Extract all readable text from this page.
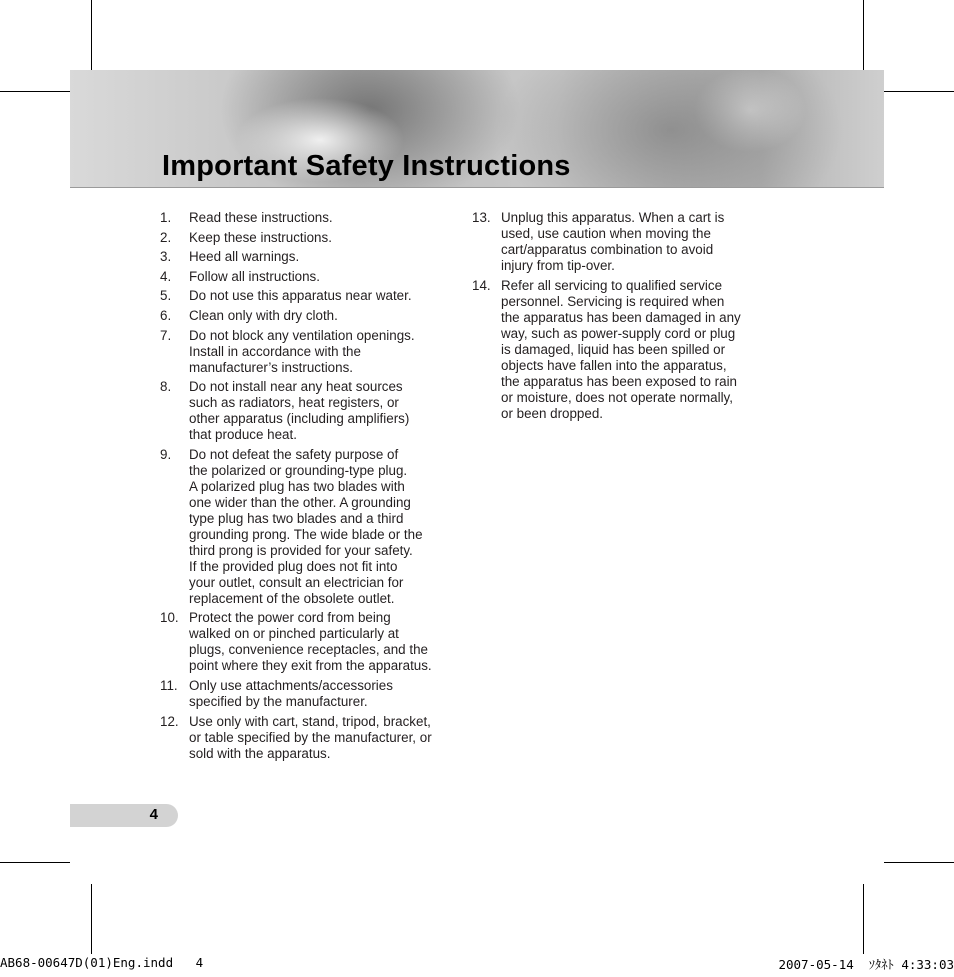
Important Safety Instructions
1.	Read these instructions.
2.	Keep these instructions.
3.	Heed all warnings.
4.	Follow all instructions.
5.	Do not use this apparatus near water.
6.	Clean only with dry cloth.
7.	Do not block any ventilation openings.
Install in accordance with the
manufacturer’s instructions.
8.	Do not install near any heat sources
such as radiators, heat registers, or
other apparatus (including amplifiers)
that produce heat.
9.	Do not defeat the safety purpose of
the polarized or grounding-type plug.
A polarized plug has two blades with
one wider than the other. A grounding
type plug has two blades and a third
grounding prong. The wide blade or the
third prong is provided for your safety.
If the provided plug does not fit into
your outlet, consult an electrician for
replacement of the obsolete outlet.
10. Protect the power cord from being
walked on or pinched particularly at
plugs, convenience receptacles, and the
point where they exit from the apparatus.
11. Only use attachments/accessories
specified by the manufacturer.
12. Use only with cart, stand, tripod, bracket,
or table specified by the manufacturer, or
sold with the apparatus.
13. Unplug this apparatus. When a cart is
used, use caution when moving the
cart/apparatus combination to avoid
injury from tip-over.
14. Refer all servicing to qualified service
personnel. Servicing is required when
the apparatus has been damaged in any
way, such as power-supply cord or plug
is damaged, liquid has been spilled or
objects have fallen into the apparatus,
the apparatus has been exposed to rain
or moisture, does not operate normally,
or been dropped.
4
AB68-00647D(01)Eng.indd   4	2007-05-14  ｿﾀﾈﾄ 4:33:03
